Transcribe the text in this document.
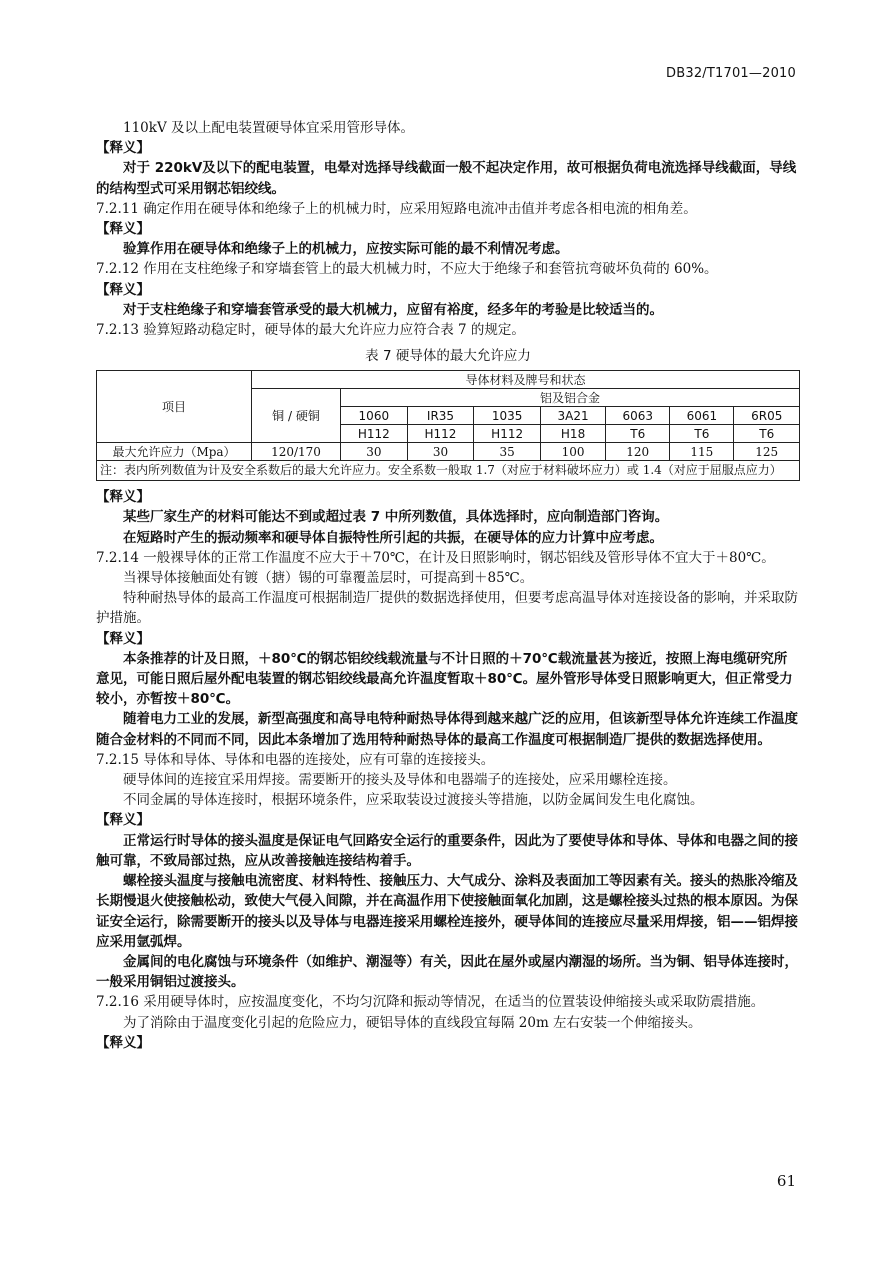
DB32/T1701—2010

110kV 及以上配电装置硬导体宜采用管形导体。

【释义】

对于 220kV及以下的配电装置，电晕对选择导线截面一般不起决定作用，故可根据负荷电流选择导线截面，导线的结构型式可采用钢芯铝绞线。

7.2.11 确定作用在硬导体和绝缘子上的机械力时，应采用短路电流冲击值并考虑各相电流的相角差。

【释义】

验算作用在硬导体和绝缘子上的机械力，应按实际可能的最不利情况考虑。

7.2.12 作用在支柱绝缘子和穿墙套管上的最大机械力时，不应大于绝缘子和套管抗弯破坏负荷的 60%。

【释义】

对于支柱绝缘子和穿墙套管承受的最大机械力，应留有裕度，经多年的考验是比较适当的。

7.2.13 验算短路动稳定时，硬导体的最大允许应力应符合表 7 的规定。

表 7 硬导体的最大允许应力
项目	导体材料及牌号和状态							
	铜 / 硬铜	铝及铝合金						
		1060	IR35	1035	3A21	6063	6061	6R05
		H112	H112	H112	H18	T6	T6	T6
最大允许应力（Mpa）	120/170	30	30	35	100	120	115	125
注：表内所列数值为计及安全系数后的最大允许应力。安全系数一般取 1.7（对应于材料破坏应力）或 1.4（对应于屈服点应力）								

【释义】

某些厂家生产的材料可能达不到或超过表 7 中所列数值，具体选择时，应向制造部门咨询。

在短路时产生的振动频率和硬导体自振特性所引起的共振，在硬导体的应力计算中应考虑。

7.2.14 一般裸导体的正常工作温度不应大于＋70℃，在计及日照影响时，钢芯铝线及管形导体不宜大于＋80℃。

当裸导体接触面处有镀（搪）锡的可靠覆盖层时，可提高到＋85℃。

特种耐热导体的最高工作温度可根据制造厂提供的数据选择使用，但要考虑高温导体对连接设备的影响，并采取防护措施。

【释义】

本条推荐的计及日照，＋80℃的钢芯铝绞线载流量与不计日照的＋70℃载流量甚为接近，按照上海电缆研究所意见，可能日照后屋外配电装置的钢芯铝绞线最高允许温度暂取＋80℃。屋外管形导体受日照影响更大，但正常受力较小，亦暂按＋80℃。

随着电力工业的发展，新型高强度和高导电特种耐热导体得到越来越广泛的应用，但该新型导体允许连续工作温度随合金材料的不同而不同，因此本条增加了选用特种耐热导体的最高工作温度可根据制造厂提供的数据选择使用。

7.2.15 导体和导体、导体和电器的连接处，应有可靠的连接接头。

硬导体间的连接宜采用焊接。需要断开的接头及导体和电器端子的连接处，应采用螺栓连接。

不同金属的导体连接时，根据环境条件，应采取装设过渡接头等措施，以防金属间发生电化腐蚀。

【释义】

正常运行时导体的接头温度是保证电气回路安全运行的重要条件，因此为了要使导体和导体、导体和电器之间的接触可靠，不致局部过热，应从改善接触连接结构着手。

螺栓接头温度与接触电流密度、材料特性、接触压力、大气成分、涂料及表面加工等因素有关。接头的热胀冷缩及长期慢退火使接触松动，致使大气侵入间隙，并在高温作用下使接触面氧化加剧，这是螺栓接头过热的根本原因。为保证安全运行，除需要断开的接头以及导体与电器连接采用螺栓连接外，硬导体间的连接应尽量采用焊接，铝——铝焊接应采用氩弧焊。

金属间的电化腐蚀与环境条件（如维护、潮湿等）有关，因此在屋外或屋内潮湿的场所。当为铜、铝导体连接时，一般采用铜铝过渡接头。

7.2.16 采用硬导体时，应按温度变化，不均匀沉降和振动等情况，在适当的位置装设伸缩接头或采取防震措施。

为了消除由于温度变化引起的危险应力，硬铝导体的直线段宜每隔 20m 左右安装一个伸缩接头。

【释义】

61
